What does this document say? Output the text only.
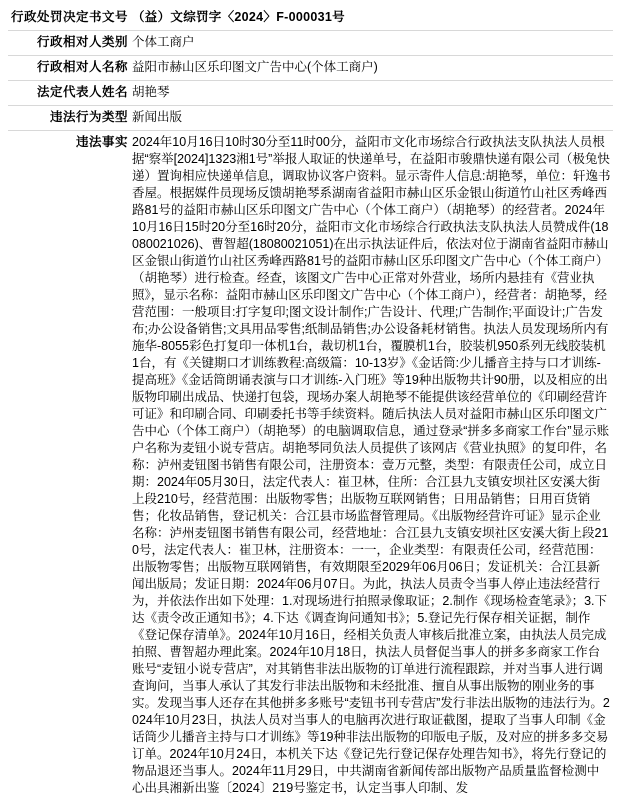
行政处罚决定书文号	（益）文综罚字〈2024〉F-000031号
行政相对人类别	个体工商户
行政相对人名称	益阳市赫山区乐印图文广告中心(个体工商户)
法定代表人姓名	胡艳琴
违法行为类型	新闻出版
违法事实	2024年10月16日10时30分至11时00分，益阳市文化市场综合行政执法支队执法人员根据“察举[2024]1323湘1号”举报人取证的快递单号，在益阳市骏鼎快递有限公司（极兔快递）置询相应快递单信息，调取协议客户资料。显示寄件人信息:胡艳琴，单位：轩逸书香屋。根据媒件员现场反馈胡艳琴系湖南省益阳市赫山区乐金银山街道竹山社区秀峰西路81号的益阳市赫山区乐印图文广告中心（个体工商户）（胡艳琴）的经营者。2024年10月16日15时20分至16时20分，益阳市文化市场综合行政执法支队执法人员赞成件(18080021026)、曹智超(18080021051)在出示执法证件后，依法对位于湖南省益阳市赫山区金银山街道竹山社区秀峰西路81号的益阳市赫山区乐印图文广告中心（个体工商户）（胡艳琴）进行检查。经查，该图文广告中心正常对外营业，场所内悬挂有《营业执照》，显示名称：益阳市赫山区乐印图文广告中心（个体工商户），经营者：胡艳琴，经营范围：一般项目:打字复印;图文设计制作;广告设计、代理;广告制作;平面设计;广告发布;办公设备销售;文具用品零售;纸制品销售;办公设备耗材销售。执法人员发现场所内有施华-8055彩色打复印一体机1台，裁切机1台，覆膜机1台，胶装机950系列无线胶装机1台，有《关键期口才训练教程:高级篇：10-13岁》《金话筒:少儿播音主持与口才训练-提高班》《金话筒朗诵表演与口才训练-入门班》等19种出版物共计90册，以及相应的出版物印刷出成品、快递打包袋，现场办案人胡艳琴不能提供该经营单位的《印刷经营许可证》和印刷合同、印刷委托书等手续资料。随后执法人员对益阳市赫山区乐印图文广告中心（个体工商户）（胡艳琴）的电脑调取信息，通过登录“拼多多商家工作台”显示账户名称为麦钮小说专营店。胡艳琴同负法人员提供了该网店《营业执照》的复印件，名称：泸州麦钮图书销售有限公司，注册资本：壹万元整，类型：有限责任公司，成立日期：2024年05月30日，法定代表人：崔卫林，住所：合江县九支镇安坝社区安溪大街上段210号，经营范围：出版物零售；出版物互联网销售；日用品销售；日用百货销售；化妆品销售，登记机关：合江县市场监督管理局。《出版物经营许可证》显示企业名称：泸州麦钮图书销售有限公司，经营地址：合江县九支镇安坝社区安溪大街上段210号，法定代表人：崔卫林，注册资本：一一，企业类型：有限责任公司，经营范围：出版物零售；出版物互联网销售，有效期限至2029年06月06日；发证机关：合江县新闻出版局；发证日期：2024年06月07日。为此，执法人员责令当事人停止违法经营行为，并依法作出如下处理：1.对现场进行拍照录像取证；2.制作《现场检查笔录》；3.下达《责令改正通知书》；4.下达《调查询问通知书》；5.登记先行保存相关证据，制作《登记保存清单》。2024年10月16日，经相关负责人审核后批准立案，由执法人员完成拍照、曹智超办理此案。2024年10月18日，执法人员督促当事人的拼多多商家工作台账号“麦钮小说专营店”，对其销售非法出版物的订单进行流程跟踪，并对当事人进行调查询问，当事人承认了其发行非法出版物和未经批准、擅自从事出版物的刚业务的事实。发现当事人还存在其他拼多多账号“麦钮书刊专营店”发行非法出版物的违法行为。2024年10月23日，执法人员对当事人的电脑再次进行取证截图，提取了当事人印制《金话筒少儿播音主持与口才训练》等19种非法出版物的印版电子版，及对应的拼多多交易订单。2024年10月24日，本机关下达《登记先行登记保存处理告知书》，将先行登记的物品退还当事人。2024年11月29日，中共湖南省新闻传部出版物产品质量监督检测中心出具湘新出鉴〔2024〕219号鉴定书，认定当事人印制、发
